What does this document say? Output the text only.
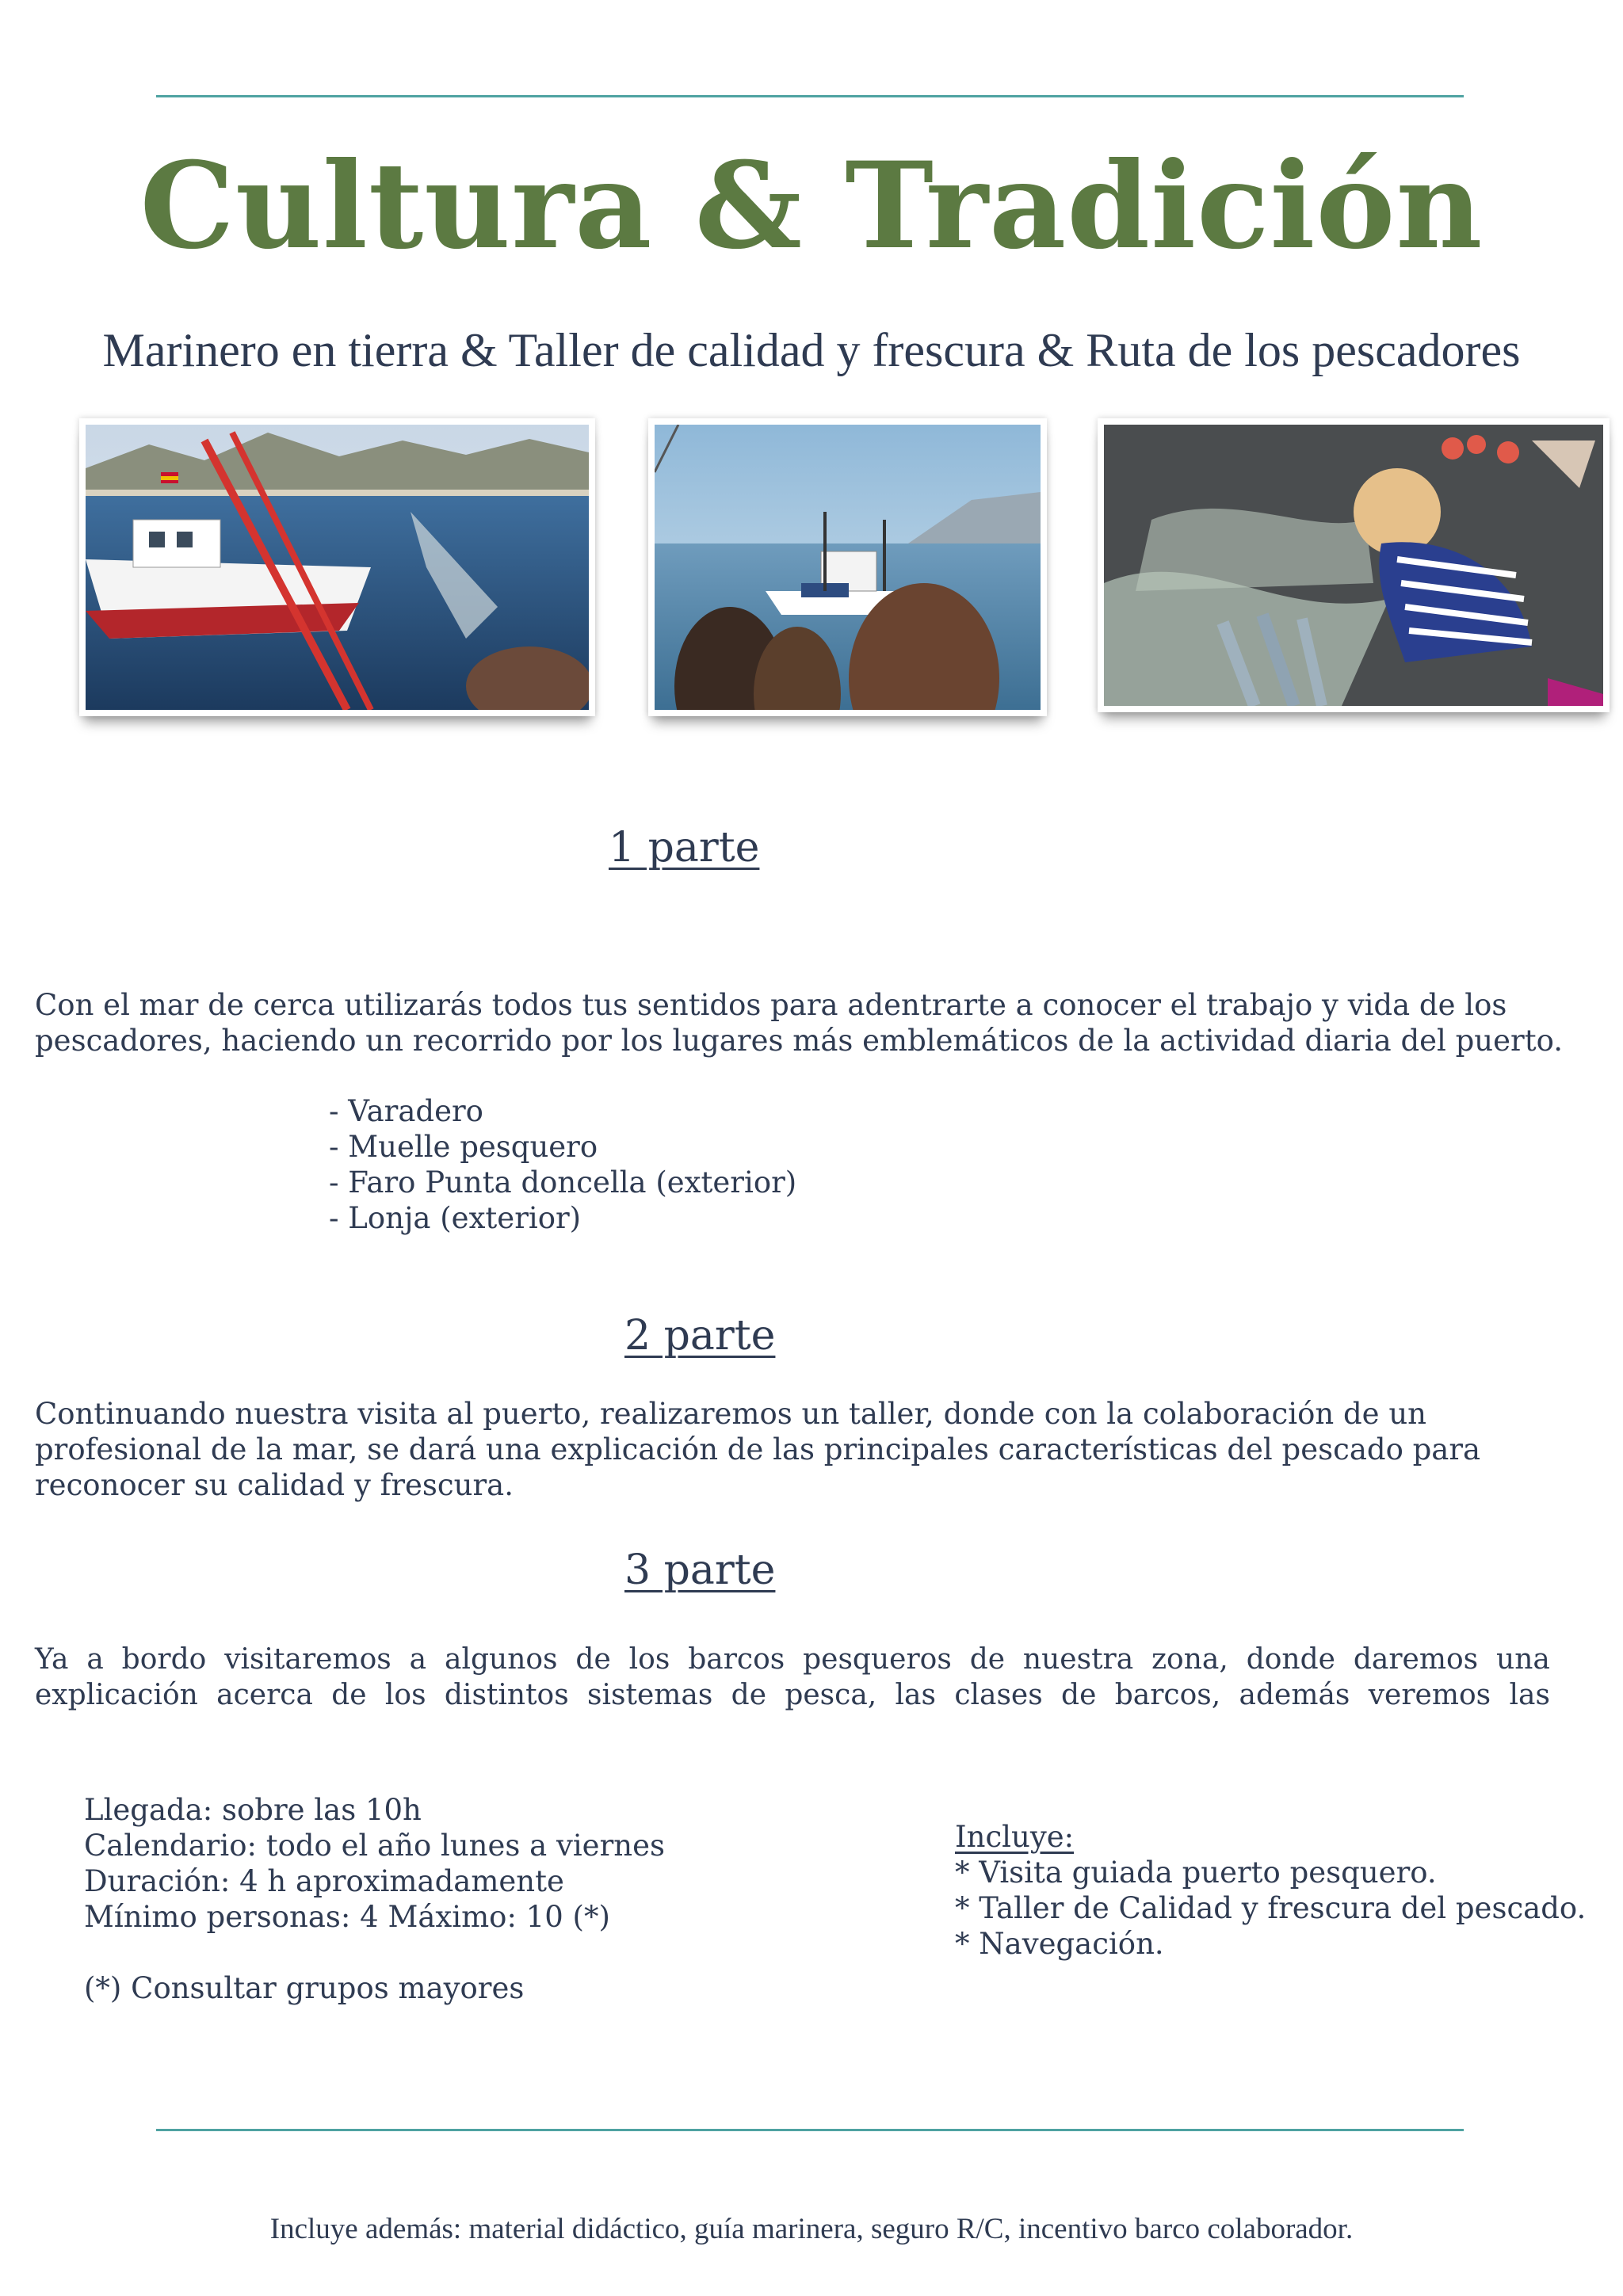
Cultura & Tradición
Marinero en tierra & Taller de calidad y frescura & Ruta de los pescadores
1 parte

Con el mar de cerca utilizarás todos tus sentidos para adentrarte a conocer el trabajo y vida de los

pescadores, haciendo un recorrido por los lugares más emblemáticos de la actividad diaria del puerto.

- Varadero
- Muelle pesquero
- Faro Punta doncella (exterior)
- Lonja (exterior)
2 parte

Continuando nuestra visita al puerto, realizaremos un taller, donde con la colaboración de un

profesional de la mar, se dará una explicación de las principales características del pescado para

reconocer su calidad y frescura.

3 parte

Ya a bordo visitaremos a algunos de los barcos pesqueros de nuestra zona, donde daremos una

explicación acerca de los distintos sistemas de pesca, las clases de barcos, además veremos las

Llegada: sobre las 10h
Calendario: todo el año lunes a viernes
Duración: 4 h aproximadamente
Mínimo personas: 4 Máximo: 10 (*)
(*) Consultar grupos mayores
Incluye:
* Visita guiada puerto pesquero.
* Taller de Calidad y frescura del pescado.
* Navegación.
Incluye además: material didáctico, guía marinera, seguro R/C, incentivo barco colaborador.
